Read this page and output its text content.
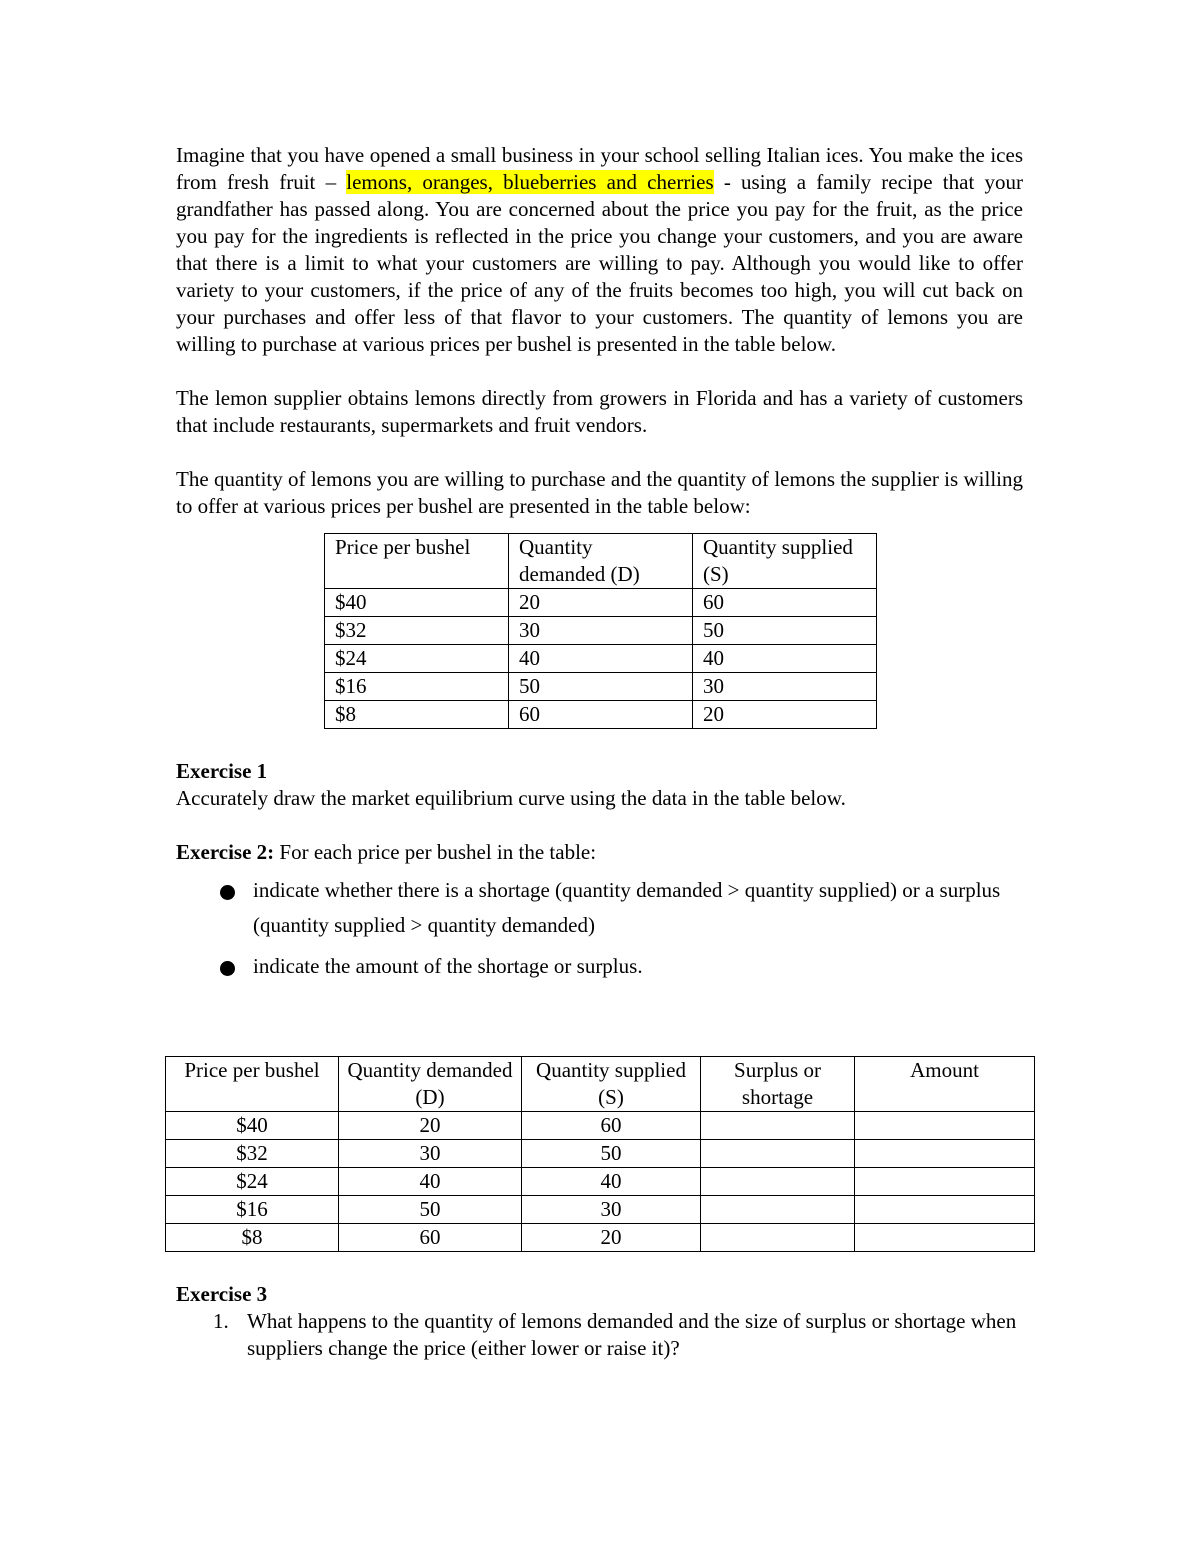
Imagine that you have opened a small business in your school selling Italian ices. You make the ices from fresh fruit – lemons, oranges, blueberries and cherries - using a family recipe that your grandfather has passed along. You are concerned about the price you pay for the fruit, as the price you pay for the ingredients is reflected in the price you change your customers, and you are aware that there is a limit to what your customers are willing to pay. Although you would like to offer variety to your customers, if the price of any of the fruits becomes too high, you will cut back on your purchases and offer less of that flavor to your customers. The quantity of lemons you are willing to purchase at various prices per bushel is presented in the table below.

The lemon supplier obtains lemons directly from growers in Florida and has a variety of customers that include restaurants, supermarkets and fruit vendors.

The quantity of lemons you are willing to purchase and the quantity of lemons the supplier is willing to offer at various prices per bushel are presented in the table below:

Price per bushel	Quantity demanded (D)	Quantity supplied (S)
$40	20	60
$32	30	50
$24	40	40
$16	50	30
$8	60	20
Exercise 1
Accurately draw the market equilibrium curve using the data in the table below.
Exercise 2: For each price per bushel in the table:
indicate whether there is a shortage (quantity demanded > quantity supplied) or a surplus (quantity supplied > quantity demanded)
indicate the amount of the shortage or surplus.
Price per bushel	Quantity demanded (D)	Quantity supplied (S)	Surplus or shortage	Amount
$40	20	60		
$32	30	50		
$24	40	40		
$16	50	30		
$8	60	20		
Exercise 3
1. What happens to the quantity of lemons demanded and the size of surplus or shortage when suppliers change the price (either lower or raise it)?
